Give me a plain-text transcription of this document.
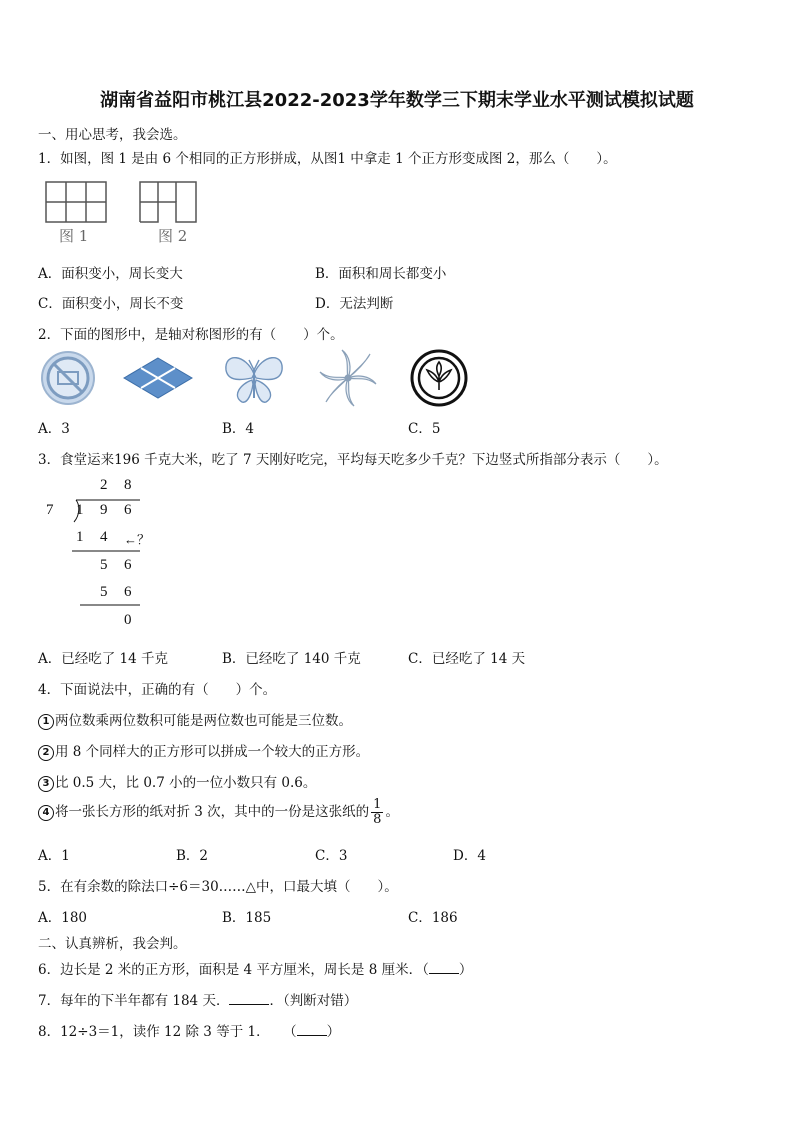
湖南省益阳市桃江县2022-2023学年数学三下期末学业水平测试模拟试题
一、用心思考，我会选。
1．如图，图 1 是由 6 个相同的正方形拼成，从图1 中拿走 1 个正方形变成图 2，那么（　　）。
图 1	图 2
A．面积变小，周长变大	B．面积和周长都变小
C．面积变小，周长不变	D．无法判断
2．下面的图形中，是轴对称图形的有（　　）个。
A．3	B．4	C．5
3．食堂运来196 千克大米，吃了 7 天刚好吃完，平均每天吃多少千克？下边竖式所指部分表示（　　）。
2 8
7 1 9 6
1 4 ←？
5 6
5 6
0
A．已经吃了 14 千克	B．已经吃了 140 千克	C．已经吃了 14 天
4．下面说法中，正确的有（　　）个。
1 两位数乘两位数积可能是两位数也可能是三位数。
2 用 8 个同样大的正方形可以拼成一个较大的正方形。
3 比 0.5 大，比 0.7 小的一位小数只有 0.6。
4 将一张长方形的纸对折 3 次，其中的一份是这张纸的 $\frac{1}{8}$ 。
A．1	B．2	C．3	D．4
5．在有余数的除法口÷6＝30……△中，口最大填（　　）。
A．180	B．185	C．186
二、认真辨析，我会判。
6．边长是 2 米的正方形，面积是 4 平方厘米，周长是 8 厘米．（ ）
7．每年的下半年都有 184 天．	．（判断对错）
8．12÷3＝1，读作 12 除 3 等于 1．　　（ ）
